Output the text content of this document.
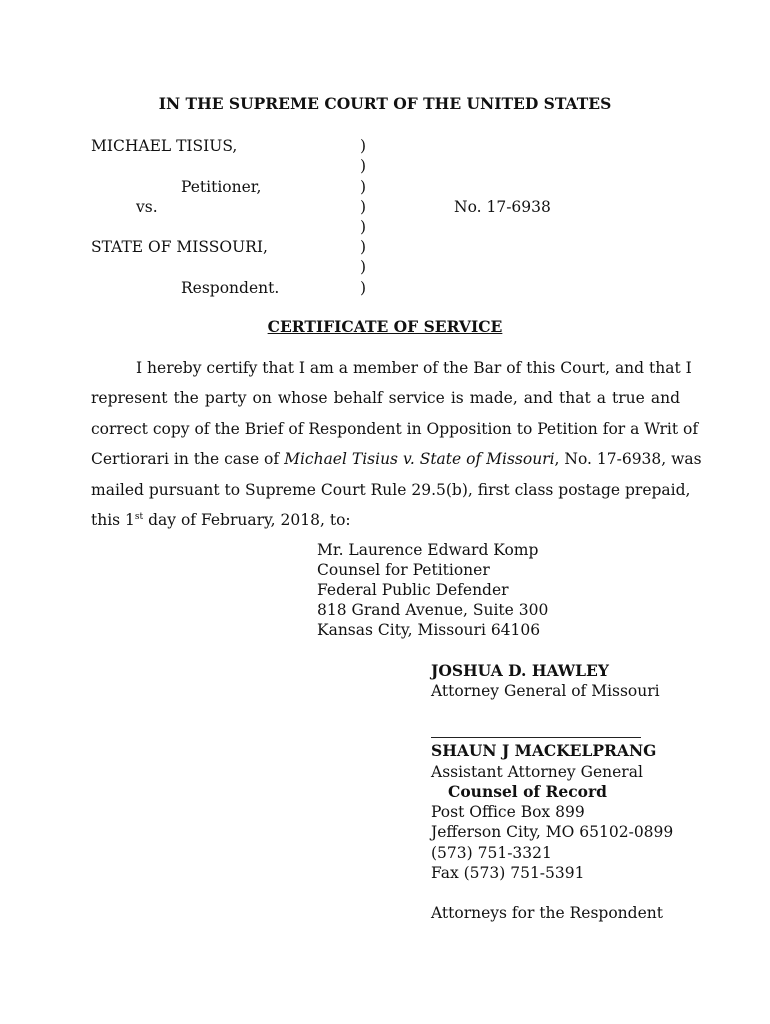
IN THE SUPREME COURT OF THE UNITED STATES
MICHAEL TISIUS,
Petitioner,
vs.
STATE OF MISSOURI,
Respondent.
No. 17-6938
)
)
)
)
)
)
)
)
CERTIFICATE OF SERVICE
I hereby certify that I am a member of the Bar of this Court, and that I
represent the party on whose behalf service is made, and that a true and
correct copy of the Brief of Respondent in Opposition to Petition for a Writ of
Certiorari in the case of Michael Tisius v. State of Missouri, No. 17-6938, was
mailed pursuant to Supreme Court Rule 29.5(b), first class postage prepaid,
this 1st day of February, 2018, to:
Mr. Laurence Edward Komp
Counsel for Petitioner
Federal Public Defender
818 Grand Avenue, Suite 300
Kansas City, Missouri 64106
JOSHUA D. HAWLEY
Attorney General of Missouri
SHAUN J MACKELPRANG
Assistant Attorney General
Counsel of Record
Post Office Box 899
Jefferson City, MO 65102-0899
(573) 751-3321
Fax (573) 751-5391
Attorneys for the Respondent
